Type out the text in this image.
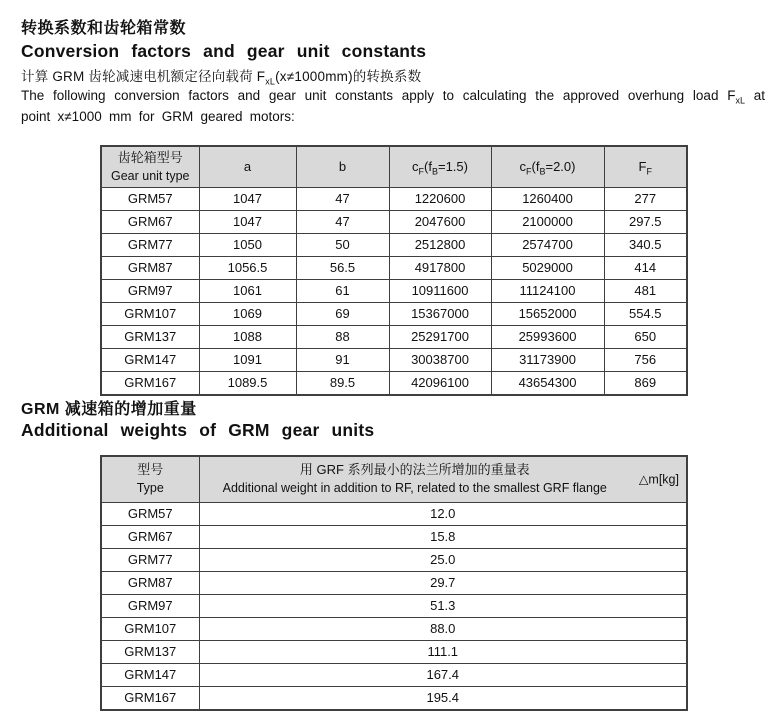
转换系数和齿轮箱常数
Conversion factors and gear unit constants
计算 GRM 齿轮减速电机额定径向载荷 $F_{xL}(x\ne 1000mm)$的转换系数
The following conversion factors and gear unit constants apply to calculating the approved overhung load $F_{xL}$ at point x≠1000 mm for GRM geared motors:
齿轮箱型号
Gear unit type	a	b	$c_F(f_B=1.5)$	$c_F(f_B=2.0)$	$F_F$
GRM57	1047	47	1220600	1260400	277
GRM67	1047	47	2047600	2100000	297.5
GRM77	1050	50	2512800	2574700	340.5
GRM87	1056.5	56.5	4917800	5029000	414
GRM97	1061	61	10911600	11124100	481
GRM107	1069	69	15367000	15652000	554.5
GRM137	1088	88	25291700	25993600	650
GRM147	1091	91	30038700	31173900	756
GRM167	1089.5	89.5	42096100	43654300	869
GRM 减速箱的增加重量
Additional weights of GRM gear units
型号
Type	用 GRF 系列最小的法兰所增加的重量表
Additional weight in addition to RF, related to the smallest GRF flange
△m[kg]

GRM57	12.0
GRM67	15.8
GRM77	25.0
GRM87	29.7
GRM97	51.3
GRM107	88.0
GRM137	111.1
GRM147	167.4
GRM167	195.4
